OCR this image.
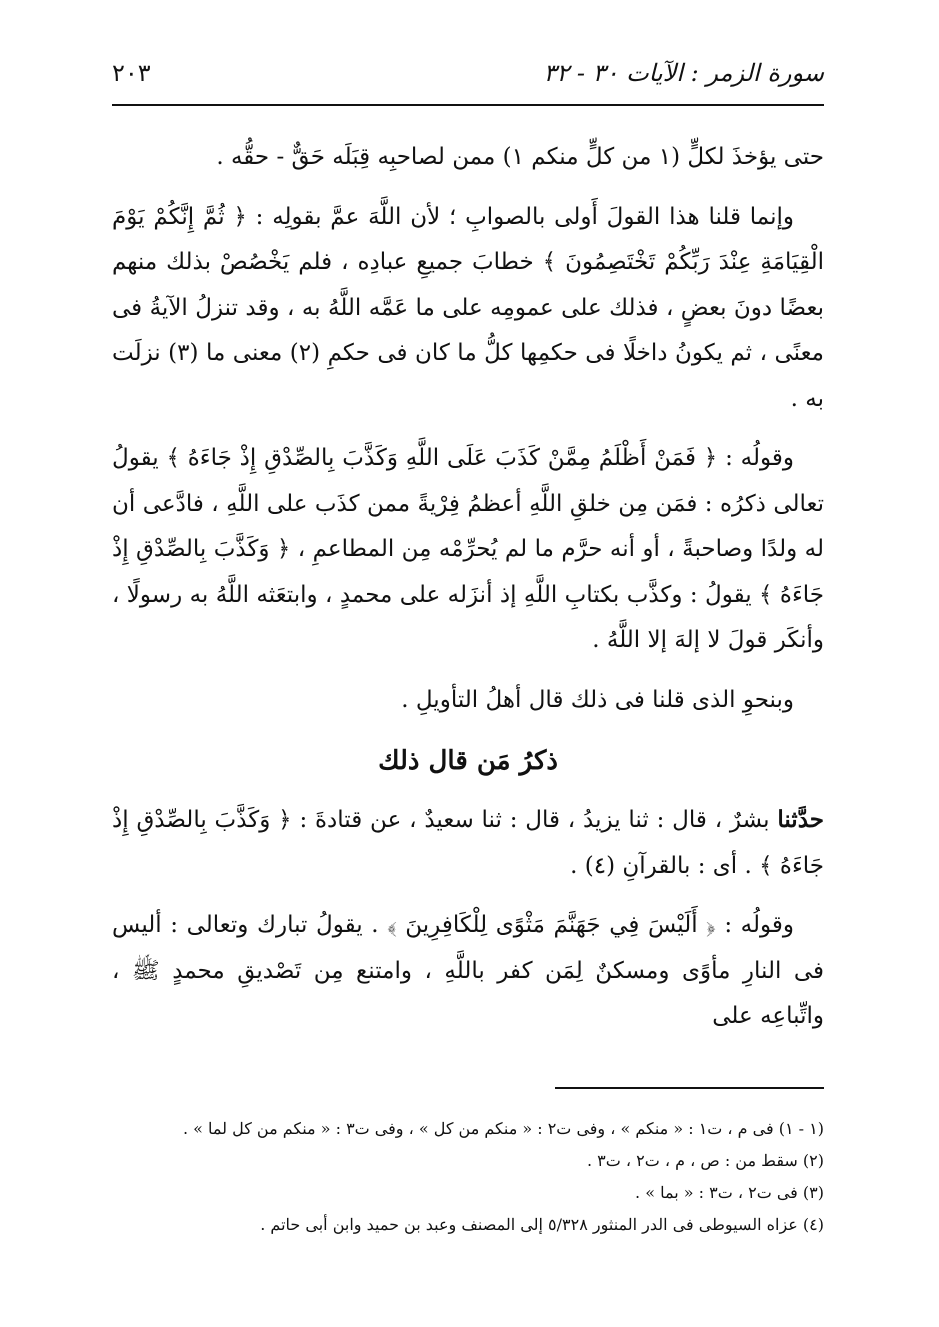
سورة الزمر : الآيات ٣٠ - ٣٢
٢٠٣

حتى يؤخذَ لكلٍّ (١ من كلٍّ منكم ١) ممن لصاحبِه قِبَلَه حَقٌّ - حقُّه .

وإنما قلنا هذا القولَ أَولى بالصوابِ ؛ لأن اللَّهَ عمَّ بقولِه : ﴿ ثُمَّ إِنَّكُمْ يَوْمَ الْقِيَامَةِ عِنْدَ رَبِّكُمْ تَخْتَصِمُونَ ﴾ خطابَ جميعِ عبادِه ، فلم يَخْصُصْ بذلك منهم بعضًا دونَ بعضٍ ، فذلك على عمومِه على ما عَمَّه اللَّهُ به ، وقد تنزلُ الآيةُ فى معنًى ، ثم يكونُ داخلًا فى حكمِها كلُّ ما كان فى حكمِ (٢) معنى ما (٣) نزلَت به .

وقولُه : ﴿ فَمَنْ أَظْلَمُ مِمَّنْ كَذَبَ عَلَى اللَّهِ وَكَذَّبَ بِالصِّدْقِ إِذْ جَاءَهُ ﴾ يقولُ تعالى ذكرُه : فمَن مِن خلقِ اللَّهِ أعظمُ فِرْيةً ممن كذَب على اللَّهِ ، فادَّعى أن له ولدًا وصاحبةً ، أو أنه حرَّم ما لم يُحرِّمْه مِن المطاعمِ ، ﴿ وَكَذَّبَ بِالصِّدْقِ إِذْ جَاءَهُ ﴾ يقولُ : وكذَّب بكتابِ اللَّهِ إذ أنزَله على محمدٍ ، وابتعَثه اللَّهُ به رسولًا ، وأنكَر قولَ لا إلهَ إلا اللَّهُ .

وبنحوِ الذى قلنا فى ذلك قال أهلُ التأويلِ .

ذكرُ مَن قال ذلك

حدَّثنا بشرٌ ، قال : ثنا يزيدُ ، قال : ثنا سعيدٌ ، عن قتادةَ : ﴿ وَكَذَّبَ بِالصِّدْقِ إِذْ جَاءَهُ ﴾ . أى : بالقرآنِ (٤) .

وقولُه : ﴿ أَلَيْسَ فِي جَهَنَّمَ مَثْوًى لِلْكَافِرِينَ ﴾ . يقولُ تبارك وتعالى : أليس فى النارِ مأوًى ومسكنٌ لِمَن كفر باللَّهِ ، وامتنع مِن تَصْديقِ محمدٍ ﷺ ، واتِّباعِه على

(١ - ١) فى م ، ت١ : « منكم » ، وفى ت٢ : « منكم من كل » ، وفى ت٣ : « منكم من كل لما » .

(٢) سقط من : ص ، م ، ت٢ ، ت٣ .

(٣) فى ت٢ ، ت٣ : « بما » .

(٤) عزاه السيوطى فى الدر المنثور ٥/٣٢٨ إلى المصنف وعبد بن حميد وابن أبى حاتم .
